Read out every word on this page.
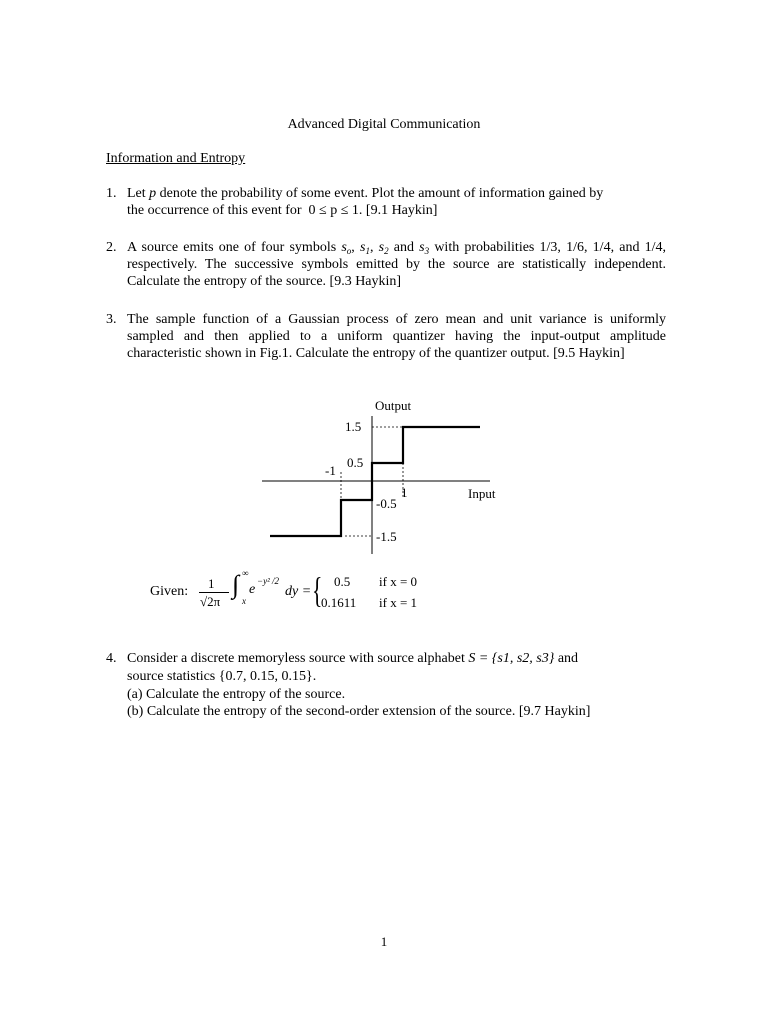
Advanced Digital Communication
Information and Entropy
1. Let p denote the probability of some event. Plot the amount of information gained by

the occurrence of this event for 0 ≤ p ≤ 1. [9.1 Haykin]

2. A source emits one of four symbols $s_o$, $s_1$, $s_2$ and $s_3$ with probabilities 1/3, 1/6, 1/4, and 1/4, respectively. The successive symbols emitted by the source are statistically independent. Calculate the entropy of the source. [9.3 Haykin]

3. The sample function of a Gaussian process of zero mean and unit variance is uniformly sampled and then applied to a uniform quantizer having the input-output amplitude characteristic shown in Fig.1. Calculate the entropy of the quantizer output. [9.5 Haykin]

Output
Input
1.5
0.5
-1
1
-0.5
-1.5
Given:
1
√2π
∫ ∞
x
e
−y² /2
dy = { 0.5 if x = 0
0.1611 if x = 1
4. Consider a discrete memoryless source with source alphabet S = {s1, s2, s3} and

source statistics {0.7, 0.15, 0.15}.

(a) Calculate the entropy of the source.
(b) Calculate the entropy of the second-order extension of the source. [9.7 Haykin]
1
